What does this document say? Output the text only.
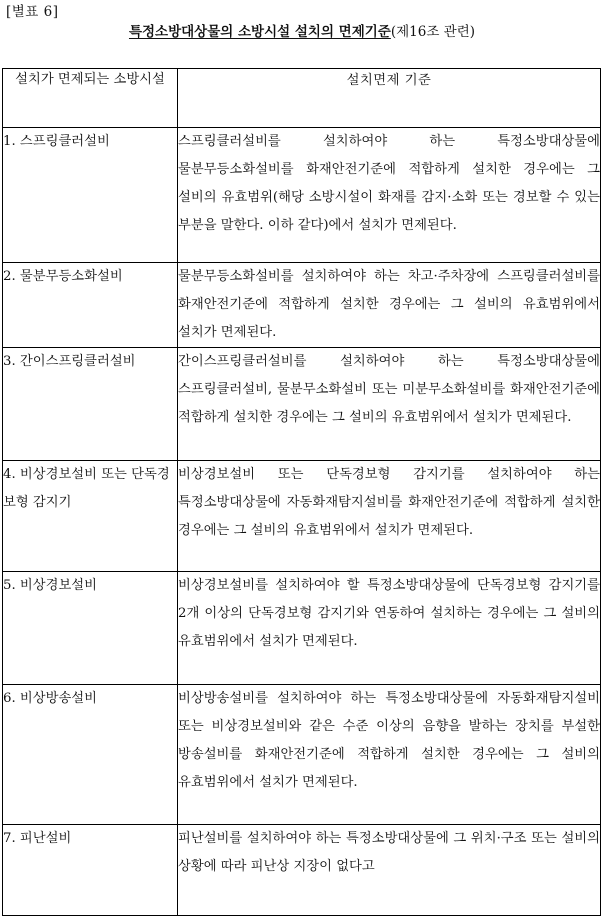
[별표 6]
특정소방대상물의 소방시설 설치의 면제기준(제16조 관련)
설치가 면제되는 소방시설	설치면제 기준
1. 스프링클러설비	스프링클러설비를 설치하여야 하는 특정소방대상물에 물분무등소화설비를 화재안전기준에 적합하게 설치한 경우에는 그 설비의 유효범위(해당 소방시설이 화재를 감지·소화 또는 경보할 수 있는 부분을 말한다. 이하 같다)에서 설치가 면제된다.
2. 물분무등소화설비	물분무등소화설비를 설치하여야 하는 차고·주차장에 스프링클러설비를 화재안전기준에 적합하게 설치한 경우에는 그 설비의 유효범위에서 설치가 면제된다.
3. 간이스프링클러설비	간이스프링클러설비를 설치하여야 하는 특정소방대상물에 스프링클러설비, 물분무소화설비 또는 미분무소화설비를 화재안전기준에 적합하게 설치한 경우에는 그 설비의 유효범위에서 설치가 면제된다.
4. 비상경보설비 또는 단독경보형 감지기	비상경보설비 또는 단독경보형 감지기를 설치하여야 하는 특정소방대상물에 자동화재탐지설비를 화재안전기준에 적합하게 설치한 경우에는 그 설비의 유효범위에서 설치가 면제된다.
5. 비상경보설비	비상경보설비를 설치하여야 할 특정소방대상물에 단독경보형 감지기를 2개 이상의 단독경보형 감지기와 연동하여 설치하는 경우에는 그 설비의 유효범위에서 설치가 면제된다.
6. 비상방송설비	비상방송설비를 설치하여야 하는 특정소방대상물에 자동화재탐지설비 또는 비상경보설비와 같은 수준 이상의 음향을 발하는 장치를 부설한 방송설비를 화재안전기준에 적합하게 설치한 경우에는 그 설비의 유효범위에서 설치가 면제된다.
7. 피난설비	피난설비를 설치하여야 하는 특정소방대상물에 그 위치·구조 또는 설비의 상황에 따라 피난상 지장이 없다고
